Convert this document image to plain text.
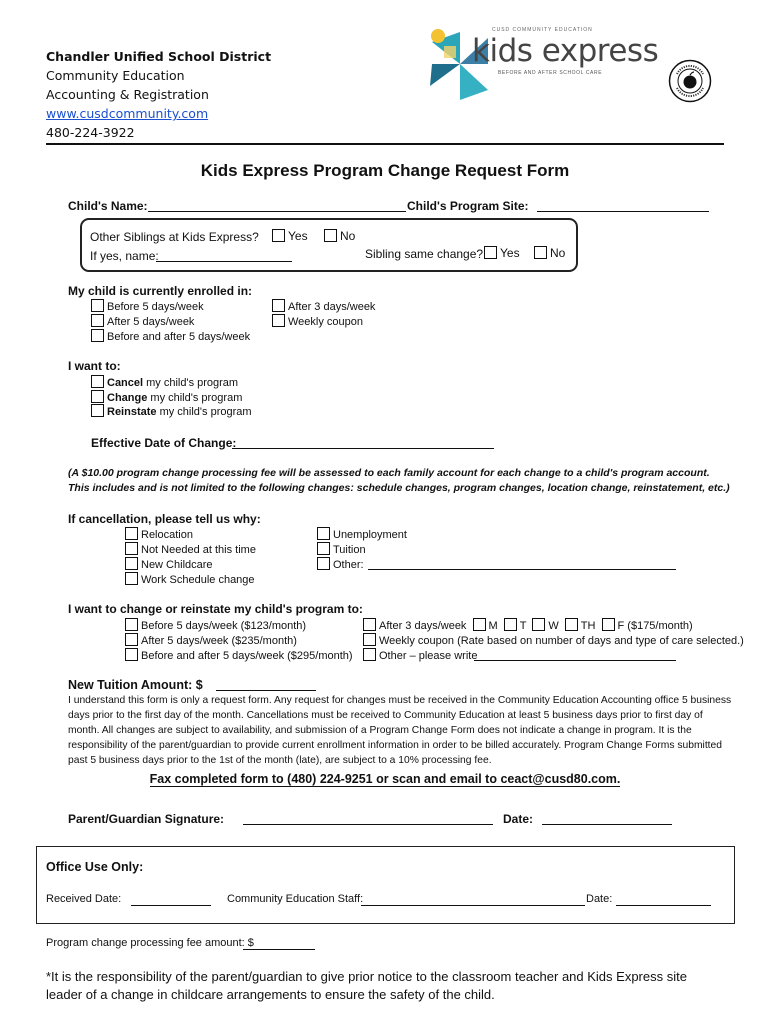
Chandler Unified School District
Community Education
Accounting & Registration
www.cusdcommunity.com
480-224-3922
CUSD COMMUNITY EDUCATION
kids express
BEFORE AND AFTER SCHOOL CARE
Kids Express Program Change Request Form
Child's Name:	Child's Program Site:
Other Siblings at Kids Express?	Yes	No
If yes, name:	Sibling same change?	Yes	No
My child is currently enrolled in:
Before 5 days/week
After 5 days/week
Before and after 5 days/week
After 3 days/week
Weekly coupon
I want to:
Cancel my child's program
Change my child's program
Reinstate my child's program
Effective Date of Change:
(A $10.00 program change processing fee will be assessed to each family account for each change to a child's program account. This includes and is not limited to the following changes: schedule changes, program changes, location change, reinstatement, etc.)
If cancellation, please tell us why:
Relocation
Not Needed at this time
New Childcare
Work Schedule change
Unemployment
Tuition
Other:
I want to change or reinstate my child's program to:
Before 5 days/week ($123/month)
After 5 days/week ($235/month)
Before and after 5 days/week ($295/month)
After 3 days/week M T W TH F ($175/month)
Weekly coupon (Rate based on number of days and type of care selected.)
Other – please write
New Tuition Amount: $
I understand this form is only a request form. Any request for changes must be received in the Community Education Accounting office 5 business days prior to the first day of the month. Cancellations must be received to Community Education at least 5 business days prior to first day of month. All changes are subject to availability, and submission of a Program Change Form does not indicate a change in program. It is the responsibility of the parent/guardian to provide current enrollment information in order to be billed accurately. Program Change Forms submitted past 5 business days prior to the 1st of the month (late), are subject to a 10% processing fee.
Fax completed form to (480) 224-9251 or scan and email to ceact@cusd80.com.
Parent/Guardian Signature:	Date:
Office Use Only:
Received Date:	Community Education Staff:	Date:
Program change processing fee amount: $
*It is the responsibility of the parent/guardian to give prior notice to the classroom teacher and Kids Express site leader of a change in childcare arrangements to ensure the safety of the child.
